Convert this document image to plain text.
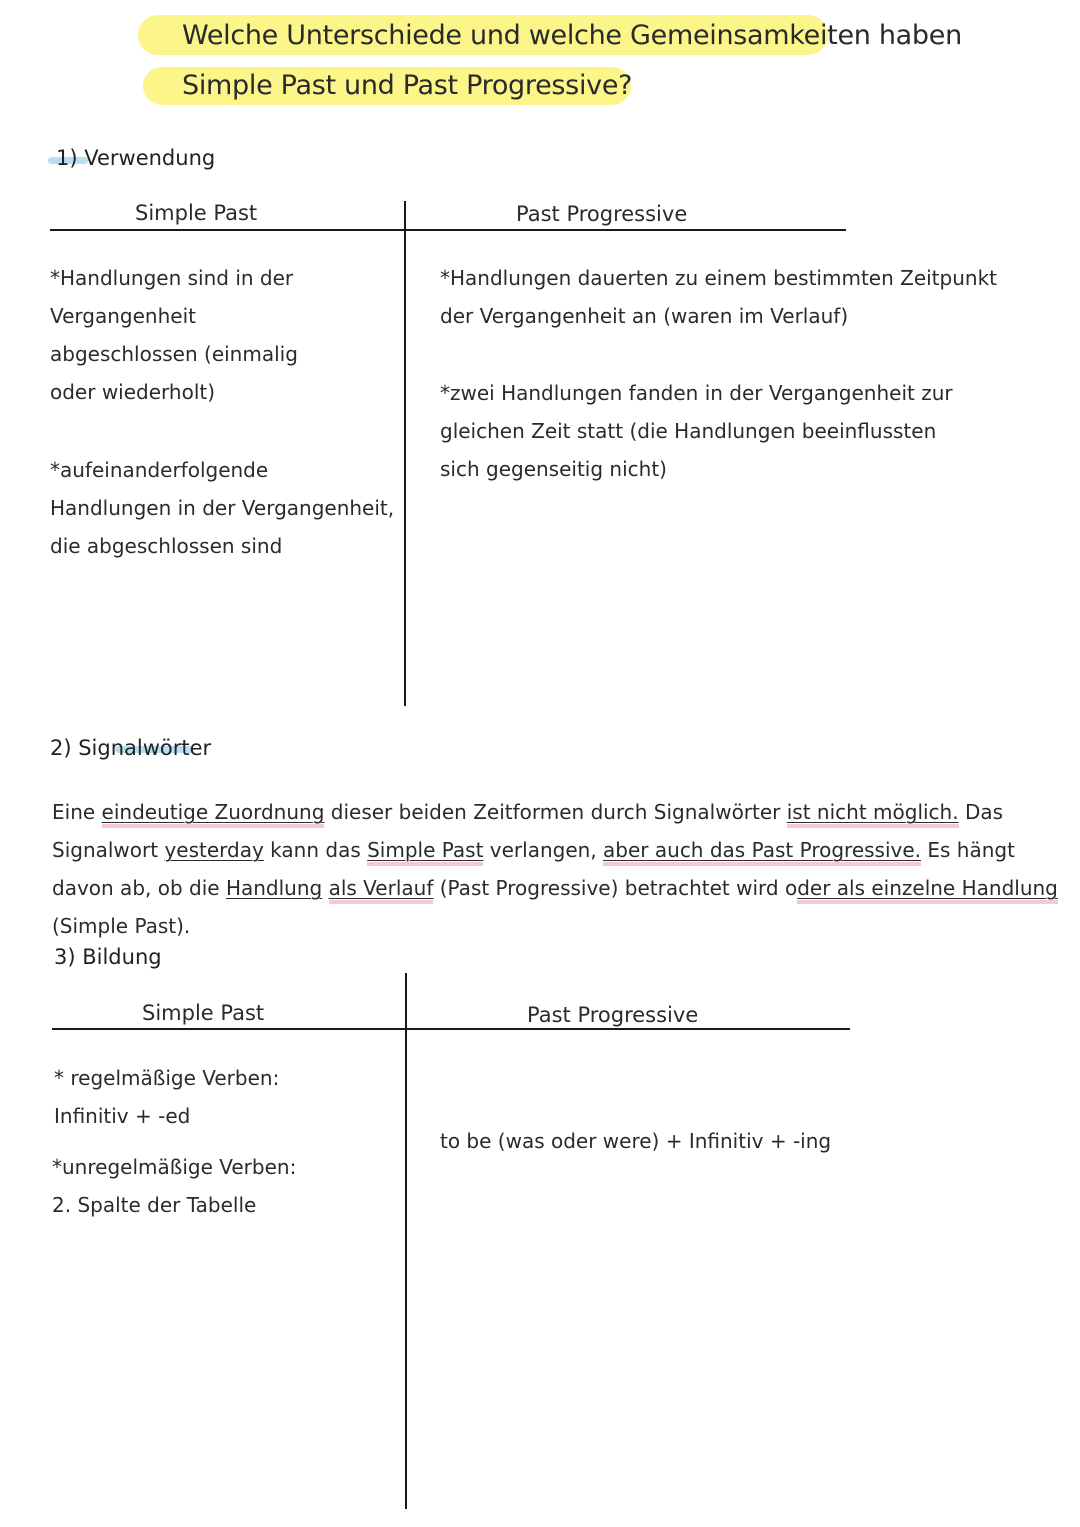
Welche Unterschiede und welche Gemeinsamkeiten haben
Simple Past und Past Progressive?
1) Verwendung
Simple Past	Past Progressive
*Handlungen sind in der Vergangenheit abgeschlossen (einmalig oder wiederholt)
*aufeinanderfolgende Handlungen in der Vergangenheit, die abgeschlossen sind
*Handlungen dauerten zu einem bestimmten Zeitpunkt der Vergangenheit an (waren im Verlauf)
*zwei Handlungen fanden in der Vergangenheit zur gleichen Zeit statt (die Handlungen beeinflussten sich gegenseitig nicht)
2) Signalwörter
Eine eindeutige Zuordnung dieser beiden Zeitformen durch Signalwörter ist nicht möglich. Das Signalwort yesterday kann das Simple Past verlangen, aber auch das Past Progressive. Es hängt davon ab, ob die Handlung als Verlauf (Past Progressive) betrachtet wird oder als einzelne Handlung (Simple Past).
3) Bildung
Simple Past	Past Progressive
* regelmäßige Verben: Infinitiv + -ed
*unregelmäßige Verben: 2. Spalte der Tabelle
to be (was oder were) + Infinitiv + -ing
